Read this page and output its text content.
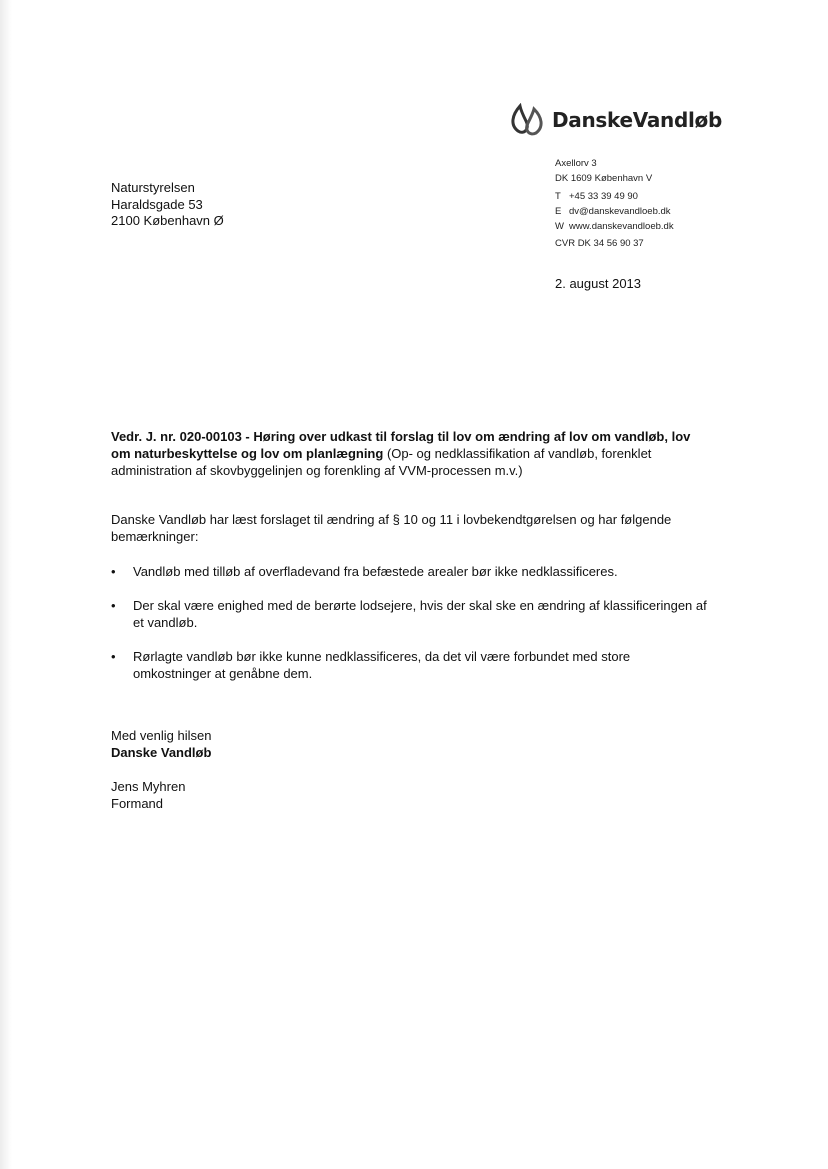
DanskeVandløb
Axellorv 3
DK 1609 København V
T +45 33 39 49 90
E dv@danskevandloeb.dk
W www.danskevandloeb.dk
CVR DK 34 56 90 37
Naturstyrelsen
Haraldsgade 53
2100 København Ø
2. august 2013
Vedr. J. nr. 020-00103 - Høring over udkast til forslag til lov om ændring af lov om vandløb, lov om naturbeskyttelse og lov om planlægning (Op- og nedklassifikation af vandløb, forenklet administration af skovbyggelinjen og forenkling af VVM-processen m.v.)
Danske Vandløb har læst forslaget til ændring af § 10 og 11 i lovbekendtgørelsen og har følgende bemærkninger:
• Vandløb med tilløb af overfladevand fra befæstede arealer bør ikke nedklassificeres.
• Der skal være enighed med de berørte lodsejere, hvis der skal ske en ændring af klassificeringen af et vandløb.
• Rørlagte vandløb bør ikke kunne nedklassificeres, da det vil være forbundet med store omkostninger at genåbne dem.
Med venlig hilsen
Danske Vandløb
Jens Myhren
Formand
